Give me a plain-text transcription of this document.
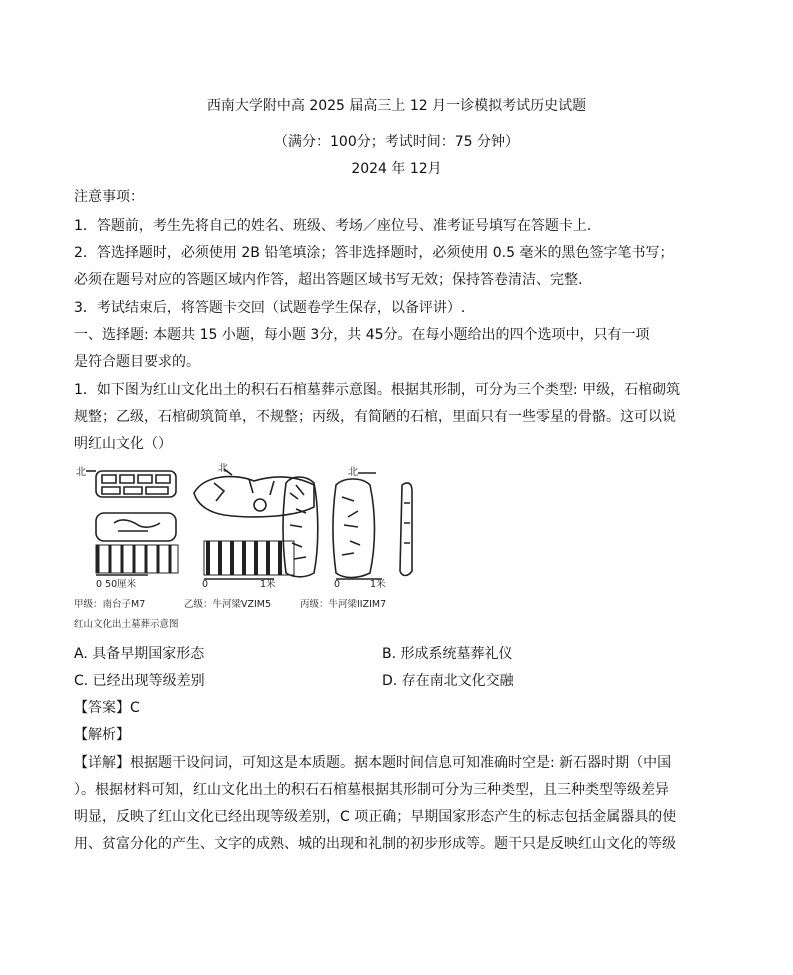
西南大学附中高 2025 届高三上 12 月一诊模拟考试历史试题
（满分：100分；考试时间：75 分钟）
2024 年 12月
注意事项：
1．答题前，考生先将自己的姓名、班级、考场／座位号、准考证号填写在答题卡上．
2．答选择题时，必须使用 2B 铅笔填涂；答非选择题时，必须使用 0.5 毫米的黑色签字笔书写；
必须在题号对应的答题区域内作答，超出答题区域书写无效；保持答卷清洁、完整.
3．考试结束后，将答题卡交回（试题卷学生保存，以备评讲）.
一、选择题: 本题共 15 小题，每小题 3分，共 45分。在每小题给出的四个选项中，只有一项
是符合题目要求的。
1．如下图为红山文化出土的积石石棺墓葬示意图。根据其形制，可分为三个类型: 甲级，石棺砌筑
规整；乙级，石棺砌筑简单，不规整；丙级，有简陋的石棺，里面只有一些零星的骨骼。这可以说
明红山文化（）
北	北	北
0 50厘米	0	1米	0	1米
甲级：南台子M7	乙级：牛河梁VZIM5	丙级：牛河梁IIZIM7
红山文化出土墓葬示意图
A. 具备早期国家形态	B. 形成系统墓葬礼仪
C. 已经出现等级差别	D. 存在南北文化交融
【答案】C
【解析】
【详解】根据题干设问词，可知这是本质题。据本题时间信息可知准确时空是: 新石器时期（中国
）。根据材料可知，红山文化出土的积石石棺墓根据其形制可分为三种类型，且三种类型等级差异
明显，反映了红山文化已经出现等级差别，C 项正确；早期国家形态产生的标志包括金属器具的使
用、贫富分化的产生、文字的成熟、城的出现和礼制的初步形成等。题干只是反映红山文化的等级
